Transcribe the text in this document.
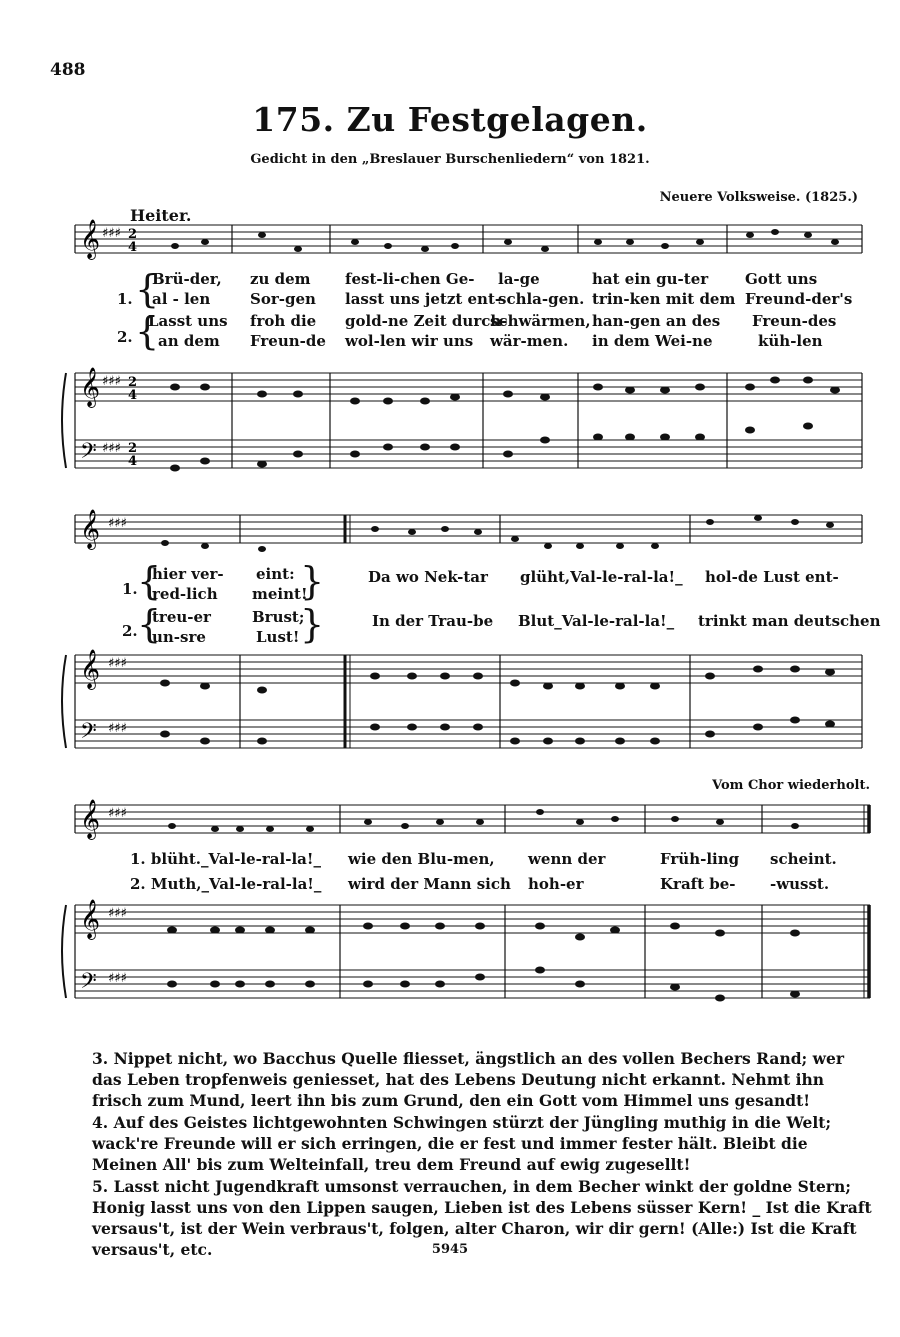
488
175. Zu Festgelagen.
Gedicht in den „Breslauer Burschenliedern“ von 1821.
Neuere Volksweise. (1825.)
Heiter.
𝄞
𝄞
𝄢
♯♯♯
♯♯♯
♯♯♯
2
4
2
4
2
4
𝄞
𝄞
𝄢
♯♯♯
♯♯♯
♯♯♯
𝄞
𝄞
𝄢
♯♯♯
♯♯♯
♯♯♯
1.
2.
{
{
Brü-der, zu dem fest-li-chen Ge- la-ge	hat ein gu-ter Gott uns
al - len	Sor-gen lasst uns jetzt ent-
schla-gen. trin-ken mit dem Freund-der's
Lasst uns froh die gold-ne Zeit durch-
schwärmen, han-gen an des Freun-des
an dem Freun-de wol-len wir uns wär-men. in dem Wei-ne	küh-len
1.
2.
{
{
}
}
hier ver- eint:
red-lich meint!
treu-er	Brust;
un-sre	Lust!
Da wo Nek-tar glüht,Val-le-ral-la!_ hol-de Lust ent-
In der Trau-be Blut_Val-le-ral-la!_ trinkt man deutschen
Vom Chor wiederholt.
1. blüht._Val-le-ral-la!_ wie den Blu-men, wenn der	Früh-ling scheint.
2. Muth,_Val-le-ral-la!_ wird der Mann sich hoh-er	Kraft be- -wusst.
3. Nippet nicht, wo Bacchus Quelle fliesset, ängstlich an des vollen Bechers Rand; wer das Leben tropfenweis geniesset, hat des Lebens Deutung nicht erkannt. Nehmt ihn frisch zum Mund, leert ihn bis zum Grund, den ein Gott vom Himmel uns gesandt!
4. Auf des Geistes lichtgewohnten Schwingen stürzt der Jüngling muthig in die Welt; wack're Freunde will er sich erringen, die er fest und immer fester hält. Bleibt die Meinen All' bis zum Welteinfall, treu dem Freund auf ewig zugesellt!
5. Lasst nicht Jugendkraft umsonst verrauchen, in dem Becher winkt der goldne Stern; Honig lasst uns von den Lippen saugen, Lieben ist des Lebens süsser Kern! _ Ist die Kraft versaus't, ist der Wein verbraus't, folgen, alter Charon, wir dir gern! (Alle:) Ist die Kraft versaus't, etc.	5945
